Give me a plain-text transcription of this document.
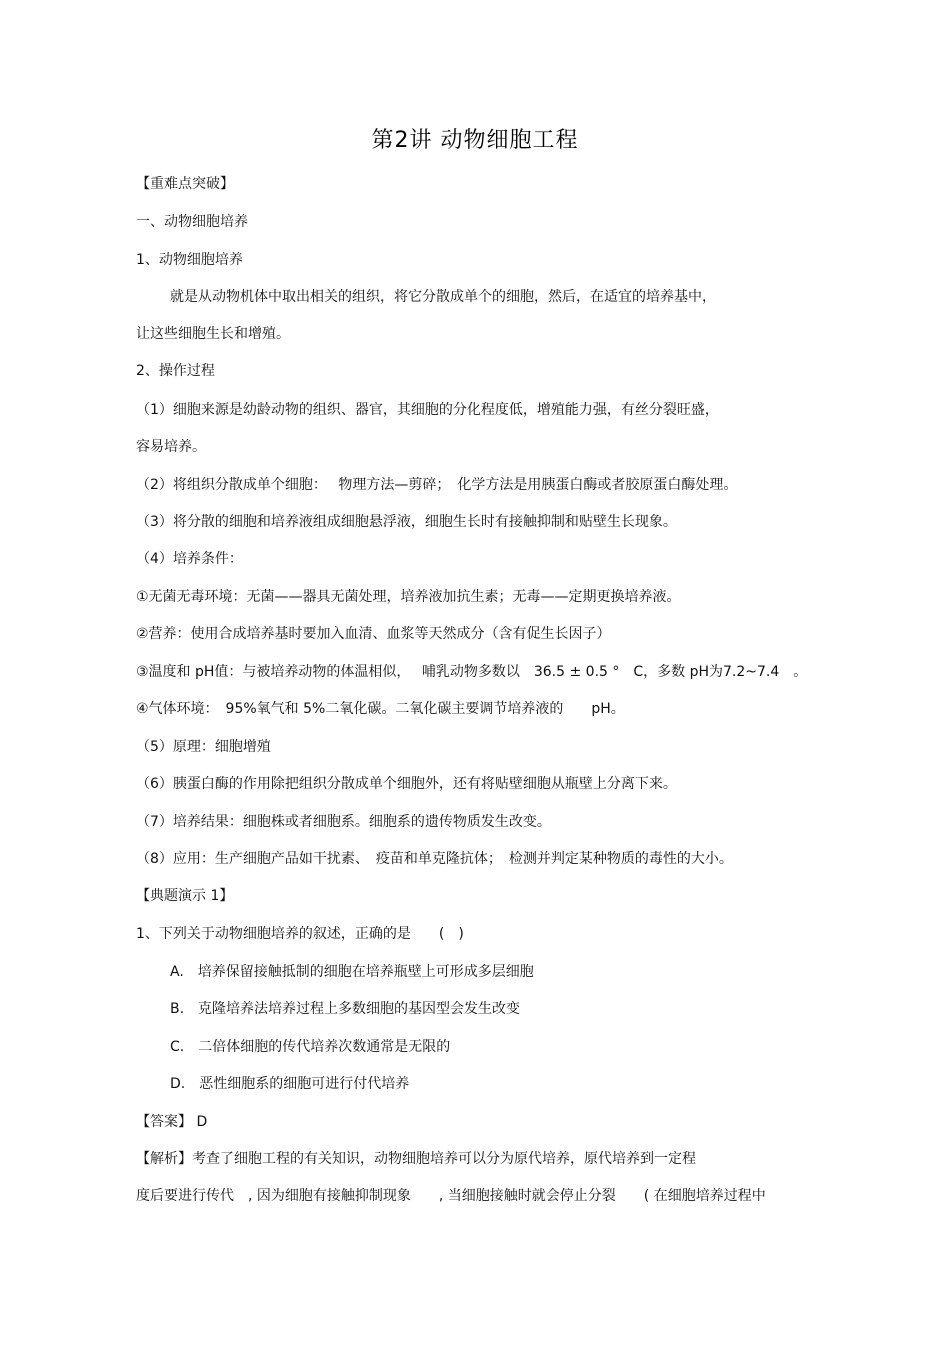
第2讲 动物细胞工程
【重难点突破】
一、动物细胞培养
1、动物细胞培养
就是从动物机体中取出相关的组织，将它分散成单个的细胞，然后，在适宜的培养基中，
让这些细胞生长和增殖。
2、操作过程
（1）细胞来源是幼龄动物的组织、器官，其细胞的分化程度低，增殖能力强，有丝分裂旺盛，
容易培养。
（2）将组织分散成单个细胞：　 物理方法—剪碎；　化学方法是用胰蛋白酶或者胶原蛋白酶处理。
（3）将分散的细胞和培养液组成细胞悬浮液，细胞生长时有接触抑制和贴壁生长现象。
（4）培养条件：
①无菌无毒环境：无菌——器具无菌处理，培养液加抗生素；无毒——定期更换培养液。
②营养：使用合成培养基时要加入血清、血浆等天然成分（含有促生长因子）
③温度和 pH值：与被培养动物的体温相似，　 哺乳动物多数以　36.5 ± 0.5 °　C，多数 pH为7.2~7.4　。
④气体环境：　95%氧气和 5%二氧化碳。二氧化碳主要调节培养液的　　pH。
（5）原理：细胞增殖
（6）胰蛋白酶的作用除把组织分散成单个细胞外，还有将贴壁细胞从瓶壁上分离下来。
（7）培养结果：细胞株或者细胞系。细胞系的遗传物质发生改变。
（8）应用：生产细胞产品如干扰素、　疫苗和单克隆抗体；　检测并判定某种物质的毒性的大小。
【典题演示 1】
1、下列关于动物细胞培养的叙述，正确的是　　(　)
A.　培养保留接触抵制的细胞在培养瓶壁上可形成多层细胞
B.　克隆培养法培养过程上多数细胞的基因型会发生改变
C.　二倍体细胞的传代培养次数通常是无限的
D.　恶性细胞系的细胞可进行付代培养
【答案】 D
【解析】考查了细胞工程的有关知识，动物细胞培养可以分为原代培养，原代培养到一定程
度后要进行传代　, 因为细胞有接触抑制现象　　, 当细胞接触时就会停止分裂　　( 在细胞培养过程中
